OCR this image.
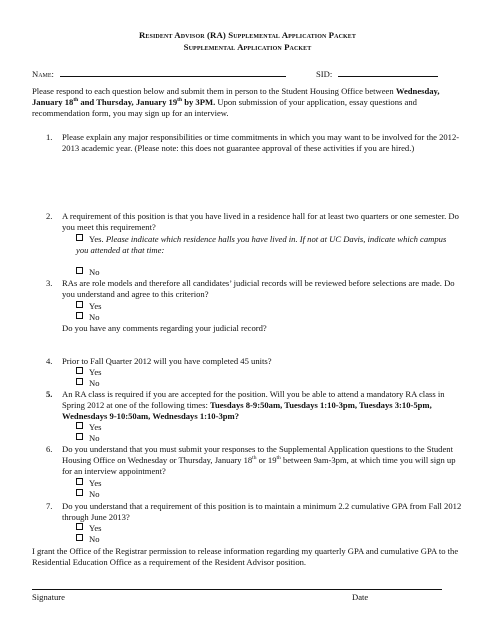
Resident Advisor (RA) Supplemental Application Packet
Supplemental Application Packet
Name:	SID:
Please respond to each question below and submit them in person to the Student Housing Office between Wednesday, January 18th and Thursday, January 19th by 3PM. Upon submission of your application, essay questions and recommendation form, you may sign up for an interview.
1. Please explain any major responsibilities or time commitments in which you may want to be involved for the 2012-2013 academic year. (Please note: this does not guarantee approval of these activities if you are hired.)
2. A requirement of this position is that you have lived in a residence hall for at least two quarters or one semester. Do you meet this requirement?
Yes. Please indicate which residence halls you have lived in. If not at UC Davis, indicate which campus you attended at that time:
No
3. RAs are role models and therefore all candidates’ judicial records will be reviewed before selections are made. Do you understand and agree to this criterion?
Yes
No
Do you have any comments regarding your judicial record?
4. Prior to Fall Quarter 2012 will you have completed 45 units?
Yes
No
5. An RA class is required if you are accepted for the position. Will you be able to attend a mandatory RA class in Spring 2012 at one of the following times: Tuesdays 8-9:50am, Tuesdays 1:10-3pm, Tuesdays 3:10-5pm, Wednesdays 9-10:50am, Wednesdays 1:10-3pm?
Yes
No
6. Do you understand that you must submit your responses to the Supplemental Application questions to the Student Housing Office on Wednesday or Thursday, January 18th or 19th between 9am-3pm, at which time you will sign up for an interview appointment?
Yes
No
7. Do you understand that a requirement of this position is to maintain a minimum 2.2 cumulative GPA from Fall 2012 through June 2013?
Yes
No
I grant the Office of the Registrar permission to release information regarding my quarterly GPA and cumulative GPA to the Residential Education Office as a requirement of the Resident Advisor position.
Signature	Date
